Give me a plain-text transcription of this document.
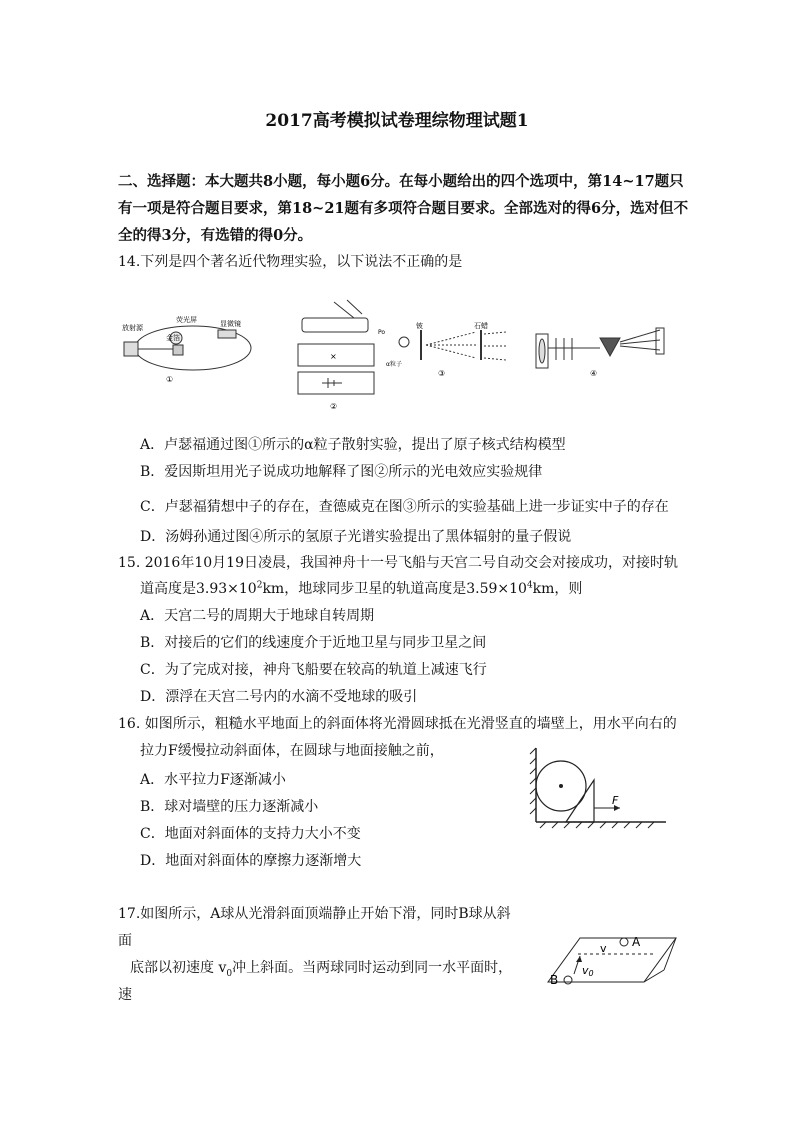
2017高考模拟试卷理综物理试题1
二、选择题：本大题共8小题，每小题6分。在每小题给出的四个选项中，第14~17题只
有一项是符合题目要求，第18~21题有多项符合题目要求。全部选对的得6分，选对但不
全的得3分，有选错的得0分。
14.下列是四个著名近代物理实验，以下说法不正确的是
放射源
荧光屏	显微镜
金箔
①
×
②
Po
铍	石蜡
α粒子
③	④
A．卢瑟福通过图①所示的α粒子散射实验，提出了原子核式结构模型
B．爱因斯坦用光子说成功地解释了图②所示的光电效应实验规律
C．卢瑟福猜想中子的存在，查德威克在图③所示的实验基础上进一步证实中子的存在
D．汤姆孙通过图④所示的氢原子光谱实验提出了黑体辐射的量子假说
15. 2016年10月19日凌晨，我国神舟十一号飞船与天宫二号自动交会对接成功，对接时轨
道高度是$3.93\times 10^2km$，地球同步卫星的轨道高度是$3.59\times 10^4km$，则
A．天宫二号的周期大于地球自转周期
B．对接后的它们的线速度介于近地卫星与同步卫星之间
C．为了完成对接，神舟飞船要在较高的轨道上减速飞行
D．漂浮在天宫二号内的水滴不受地球的吸引
16. 如图所示，粗糙水平地面上的斜面体将光滑圆球抵在光滑竖直的墙壁上，用水平向右的
拉力F缓慢拉动斜面体，在圆球与地面接触之前，
A．水平拉力F逐渐减小
B．球对墙壁的压力逐渐减小
C．地面对斜面体的支持力大小不变
D．地面对斜面体的摩擦力逐渐增大
F
17.如图所示，A球从光滑斜面顶端静止开始下滑，同时B球从斜
面
底部以初速度 $v_0$冲上斜面。当两球同时运动到同一水平面时，
速
A
B
v
v0
